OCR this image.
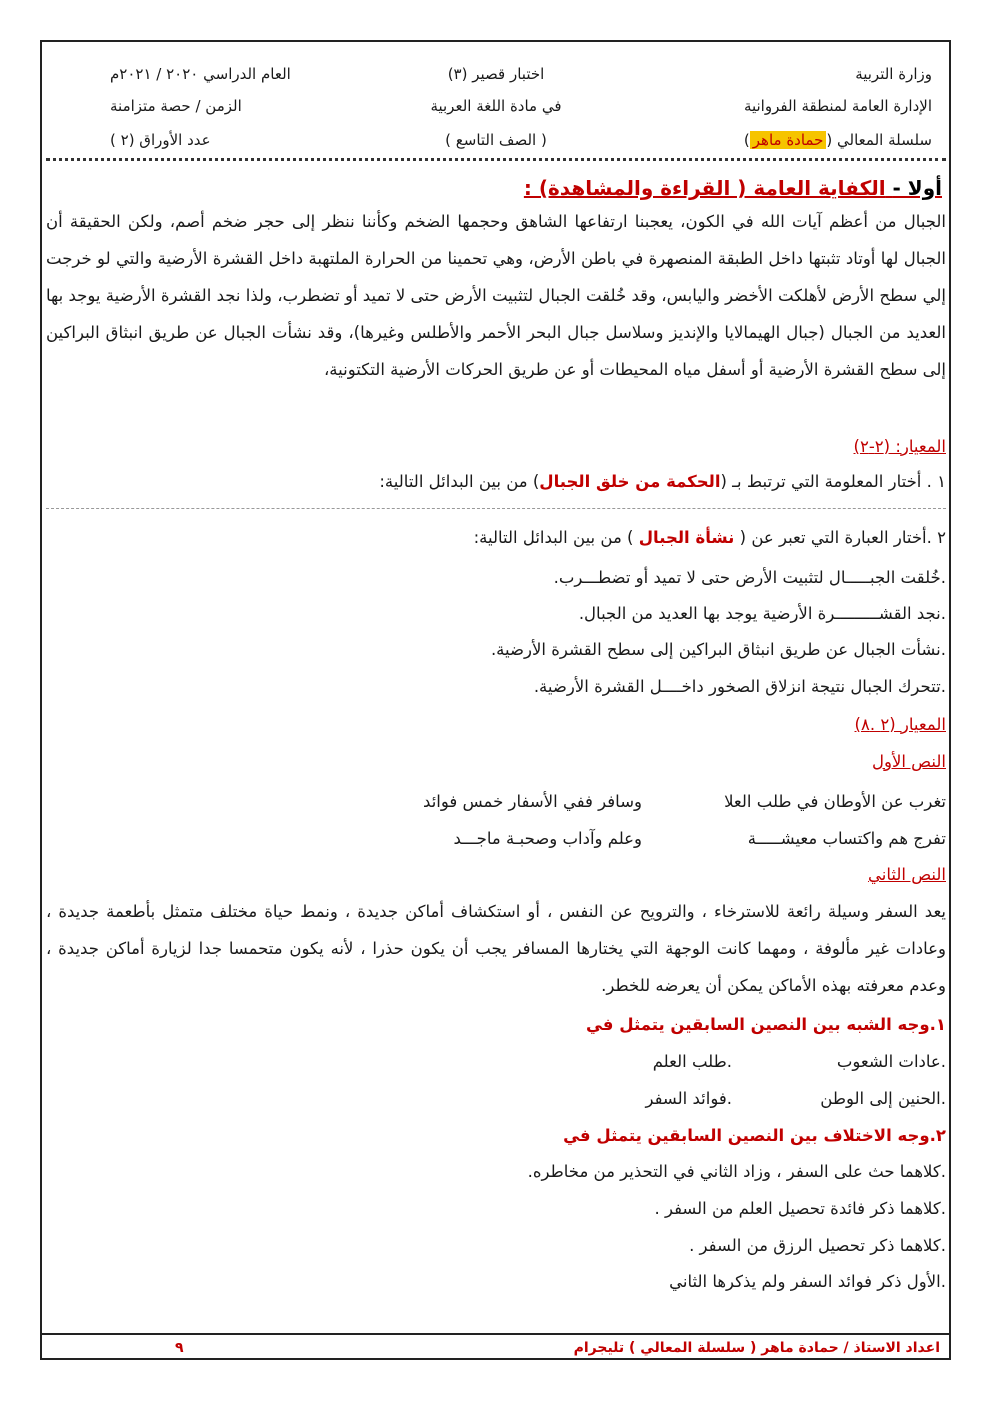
وزارة التربية
الإدارة العامة لمنطقة الفروانية
سلسلة المعالي (حمادة ماهر)
اختبار قصير (٣)
في مادة اللغة العربية
( الصف التاسع )
العام الدراسي ٢٠٢٠ / ٢٠٢١م
الزمن / حصة متزامنة
عدد الأوراق (٢ )
أولا - الكفاية العامة ( القراءة والمشاهدة) :
الجبال من أعظم آيات الله في الكون، يعجبنا ارتفاعها الشاهق وحجمها الضخم وكأننا ننظر إلى حجر ضخم أصم، ولكن الحقيقة أن الجبال لها أوتاد تثبتها داخل الطبقة المنصهرة في باطن الأرض، وهي تحمينا من الحرارة الملتهبة داخل القشرة الأرضية والتي لو خرجت إلي سطح الأرض لأهلكت الأخضر واليابس، وقد خُلقت الجبال لتثبيت الأرض حتى لا تميد أو تضطرب، ولذا نجد القشرة الأرضية يوجد بها العديد من الجبال (جبال الهيمالايا والإنديز وسلاسل جبال البحر الأحمر والأطلس وغيرها)، وقد نشأت الجبال عن طريق انبثاق البراكين إلى سطح القشرة الأرضية أو أسفل مياه المحيطات أو عن طريق الحركات الأرضية التكتونية،
المعيار: (٢-٢)
١ . أختار المعلومة التي ترتبط بـ (الحكمة من خلق الجبال) من بين البدائل التالية:
٢ .أختار العبارة التي تعبر عن ( نشأة الجبال ) من بين البدائل التالية:
.خُلقت الجبـــــال لتثبيت الأرض حتى لا تميد أو تضطـــرب.
.نجد القشـــــــــرة الأرضية يوجد بها العديد من الجبال.
.نشأت الجبال عن طريق انبثاق البراكين إلى سطح القشرة الأرضية.
.تتحرك الجبال نتيجة انزلاق الصخور داخــــل القشرة الأرضية.
المعيار (٢ .٨)
النص الأول
تغرب عن الأوطان في طلب العلا
وسافر ففي الأسفار خمس فوائد
تفرج هم واكتساب معيشـــــة
وعلم وآداب وصحبـة ماجـــد
النص الثاني
يعد السفر وسيلة رائعة للاسترخاء ، والترويح عن النفس ، أو استكشاف أماكن جديدة ، ونمط حياة مختلف متمثل بأطعمة جديدة ، وعادات غير مألوفة ، ومهما كانت الوجهة التي يختارها المسافر يجب أن يكون حذرا ، لأنه يكون متحمسا جدا لزيارة أماكن جديدة ، وعدم معرفته بهذه الأماكن يمكن أن يعرضه للخطر.
١.وجه الشبه بين النصين السابقين يتمثل في
.عادات الشعوب
.طلب العلم
.الحنين إلى الوطن
.فوائد السفر
٢.وجه الاختلاف بين النصين السابقين يتمثل في
.كلاهما حث على السفر ، وزاد الثاني في التحذير من مخاطره.
.كلاهما ذكر فائدة تحصيل العلم من السفر .
.كلاهما ذكر تحصيل الرزق من السفر .
.الأول ذكر فوائد السفر ولم يذكرها الثاني
اعداد الاستاذ / حمادة ماهر ( سلسلة المعالي ) تليجرام
٩
